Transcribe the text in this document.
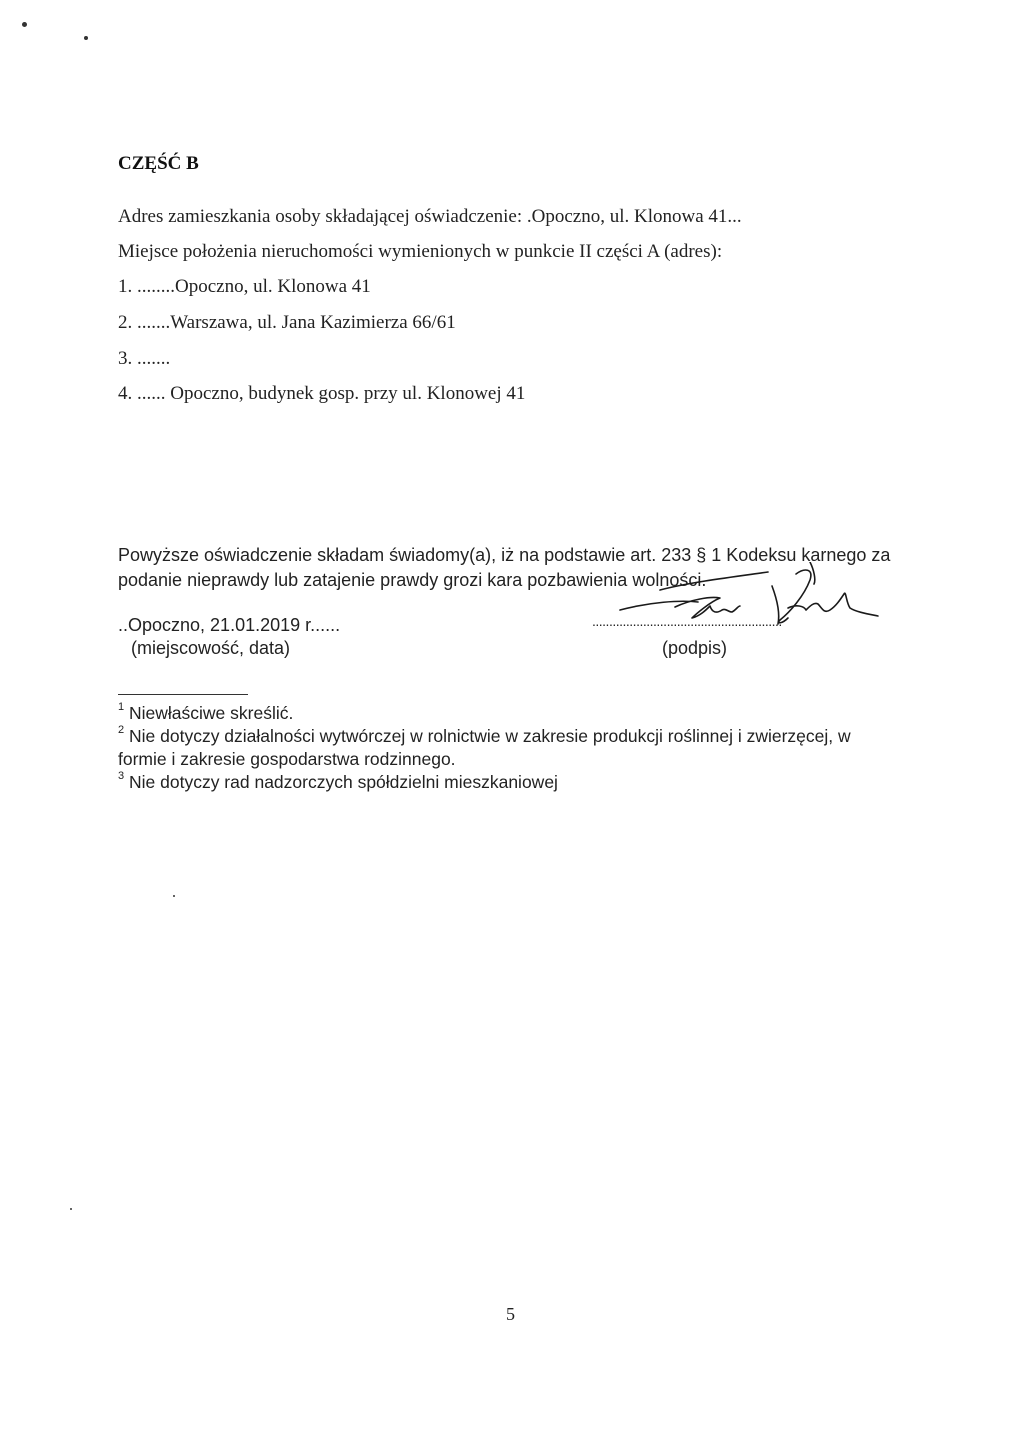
CZĘŚĆ B
Adres zamieszkania osoby składającej oświadczenie: .Opoczno, ul. Klonowa 41...
Miejsce położenia nieruchomości wymienionych w punkcie II części A (adres):
1. ........Opoczno, ul. Klonowa 41
2. .......Warszawa, ul. Jana Kazimierza 66/61
3. .......
4. ...... Opoczno, budynek gosp. przy ul. Klonowej 41
Powyższe oświadczenie składam świadomy(a), iż na podstawie art. 233 § 1 Kodeksu karnego za
podanie nieprawdy lub zatajenie prawdy grozi kara pozbawienia wolności.
..Opoczno, 21.01.2019 r......
(miejscowość, data)
........................................................
(podpis)
$^1$ Niewłaściwe skreślić.
$^2$ Nie dotyczy działalności wytwórczej w rolnictwie w zakresie produkcji roślinnej i zwierzęcej, w
formie i zakresie gospodarstwa rodzinnego.
$^3$ Nie dotyczy rad nadzorczych spółdzielni mieszkaniowej
5
